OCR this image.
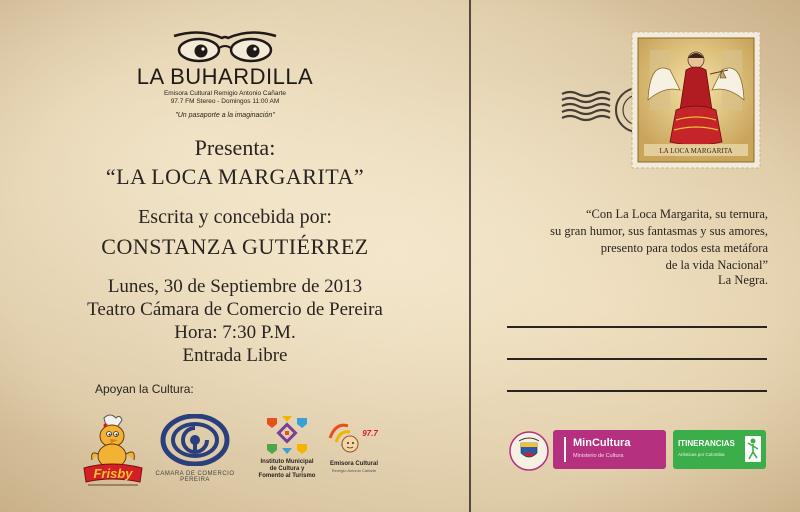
LA BUHARDILLA
Emisora Cultural Remigio Antonio Cañarte
97.7 FM Stereo - Domingos 11:00 AM
"Un pasaporte a la imaginación"
Presenta:
“LA LOCA MARGARITA”
Escrita y concebida por:
CONSTANZA GUTIÉRREZ
Lunes, 30 de Septiembre de 2013
Teatro Cámara de Comercio de Pereira
Hora: 7:30 P.M.
Entrada Libre
Apoyan la Cultura:
Frisby	CAMARA DE COMERCIO
PEREIRA
Instituto Municipal
de Cultura y
Fomento al Turismo
97.7
Emisora Cultural
Remigio Antonio Cañarte
LA LOCA MARGARITA
“Con La Loca Margarita, su ternura,
su gran humor, sus fantasmas y sus amores,
presento para todos esta metáfora
de la vida Nacional”
La Negra.
MinCultura
Ministerio de Cultura
ITINERANCIAS
Artísticas por Colombia
